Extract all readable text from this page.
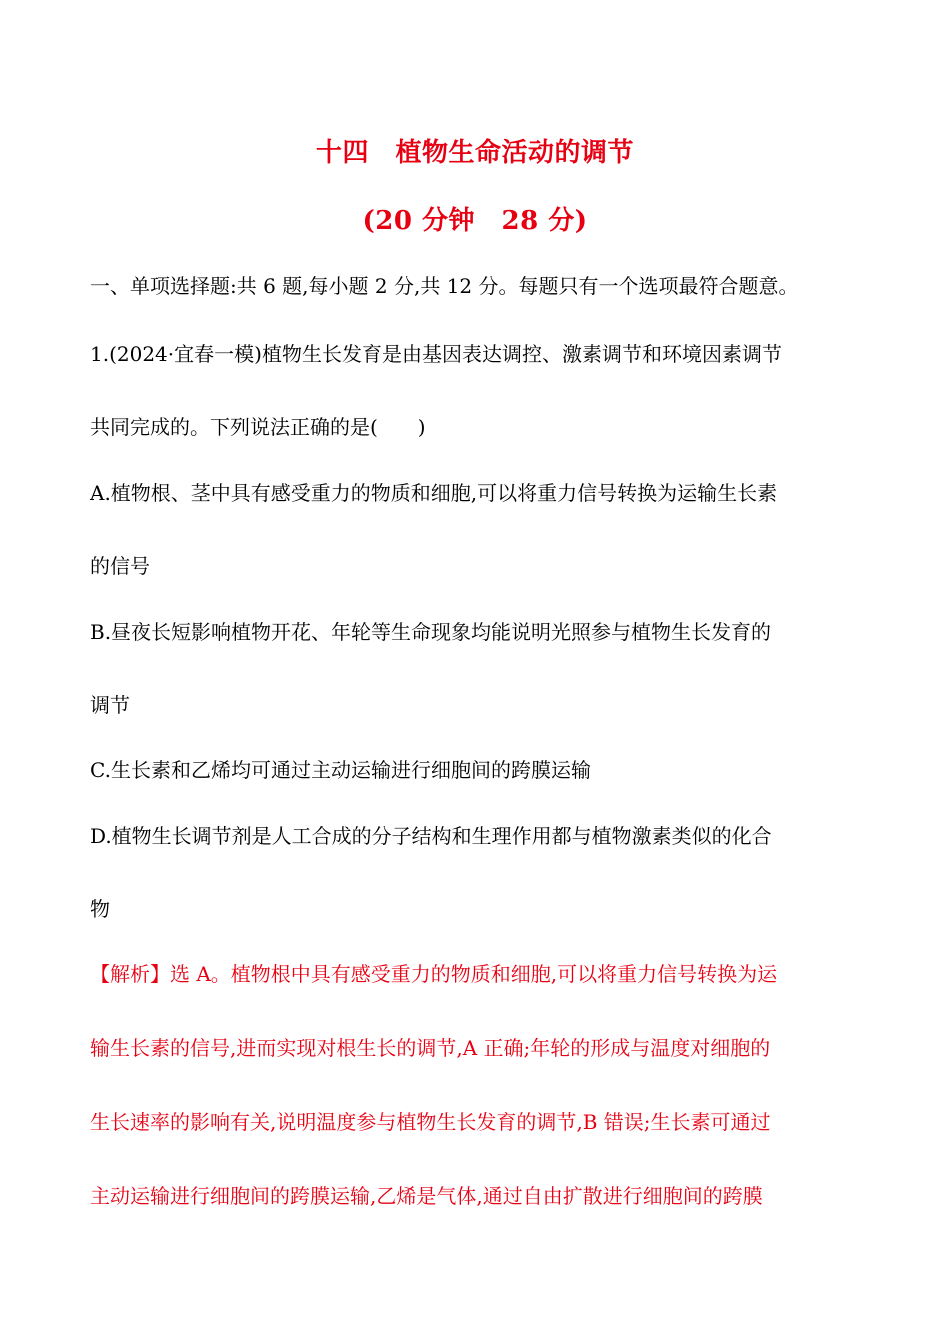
十四　植物生命活动的调节
(20 分钟　28 分)
一、单项选择题:共 6 题,每小题 2 分,共 12 分。每题只有一个选项最符合题意。
1.(2024·宜春一模)植物生长发育是由基因表达调控、激素调节和环境因素调节
共同完成的。下列说法正确的是(　　)
A.植物根、茎中具有感受重力的物质和细胞,可以将重力信号转换为运输生长素
的信号
B.昼夜长短影响植物开花、年轮等生命现象均能说明光照参与植物生长发育的
调节
C.生长素和乙烯均可通过主动运输进行细胞间的跨膜运输
D.植物生长调节剂是人工合成的分子结构和生理作用都与植物激素类似的化合
物
【解析】选 A。植物根中具有感受重力的物质和细胞,可以将重力信号转换为运
输生长素的信号,进而实现对根生长的调节,A 正确;年轮的形成与温度对细胞的
生长速率的影响有关,说明温度参与植物生长发育的调节,B 错误;生长素可通过
主动运输进行细胞间的跨膜运输,乙烯是气体,通过自由扩散进行细胞间的跨膜
